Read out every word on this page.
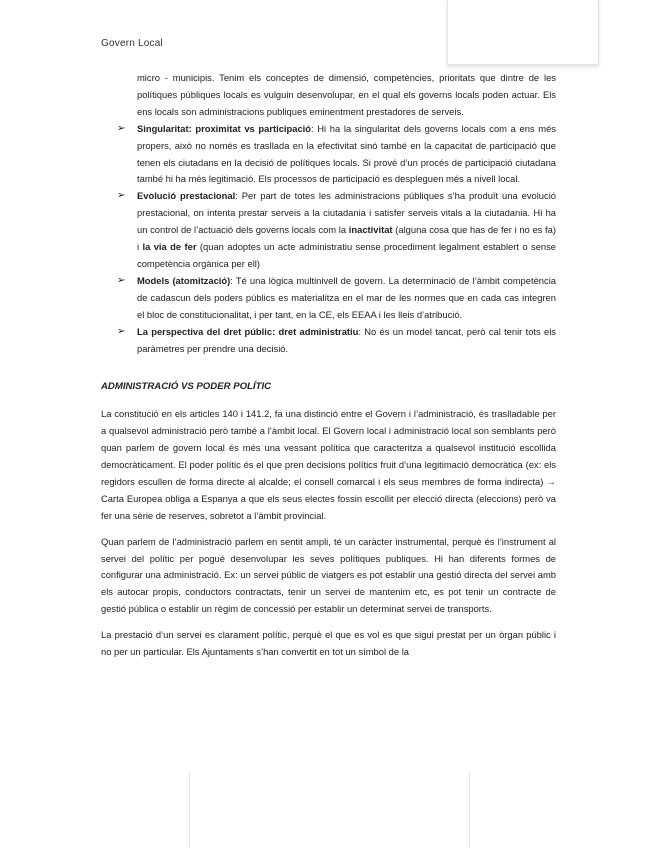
Govern Local

micro - municipis. Tenim els conceptes de dimensió, competències, prioritats que dintre de les polítiques públiques locals es vulguin desenvolupar, en el qual els governs locals poden actuar. Els ens locals son administracions publiques eminentment prestadores de serveis.

➢ Singularitat: proximitat vs participació: Hi ha la singularitat dels governs locals com a ens més propers, això no només es trasllada en la efectivitat sinó també en la capacitat de participació que tenen els ciutadans en la decisió de polítiques locals. Si prové d’un procés de participació ciutadana també hi ha més legitimació. Els processos de participació es despleguen més a nivell local.
➢ Evolució prestacional: Per part de totes les administracions públiques s’ha produït una evolució prestacional, on intenta prestar serveis a la ciutadania i satisfer serveis vitals a la ciutadania. Hi ha un control de l’actuació dels governs locals com la inactivitat (alguna cosa que has de fer i no es fa) i la via de fer (quan adoptes un acte administratiu sense procediment legalment establert o sense competència orgànica per ell)
➢ Models (atomització): Té una lògica multinivell de govern. La determinació de l’àmbit competència de cadascun dels poders públics es materialitza en el mar de les normes que en cada cas integren el bloc de constitucionalitat, i per tant, en la CE, els EEAA i les lleis d’atribució.
➢ La perspectiva del dret públic: dret administratiu: No és un model tancat, però cal tenir tots els paràmetres per prendre una decisió.
ADMINISTRACIÓ VS PODER POLÍTIC

La constitució en els articles 140 i 141.2, fa una distinció entre el Govern i l’administració, és traslladable per a qualsevol administració però també a l’àmbit local. El Govern local i administració local son semblants però quan parlem de govern local és més una vessant política que caracteritza a qualsevol institució escollida democràticament. El poder polític és el que pren decisions polítics fruit d’una legitimació democràtica (ex: els regidors escullen de forma directe al alcalde; el consell comarcal i els seus membres de forma indirecta) → Carta Europea obliga a Espanya a que els seus electes fossin escollit per elecció directa (eleccions) però va fer una sèrie de reserves, sobretot a l’àmbit provincial.

Quan parlem de l’administració parlem en sentit ampli, té un caràcter instrumental, perquè és l’instrument al servei del polític per pogué desenvolupar les seves polítiques publiques. Hi han diferents formes de configurar una administració. Ex: un servei públic de viatgers es pot establir una gestió directa del servei amb els autocar propis, conductors contractats, tenir un servei de mantenim etc, es pot tenir un contracte de gestió pública o establir un règim de concessió per establir un determinat servei de transports.

La prestació d’un servei es clarament polític, perquè el que es vol es que sigui prestat per un òrgan públic i no per un particular. Els Ajuntaments s’han convertit en tot un símbol de la
